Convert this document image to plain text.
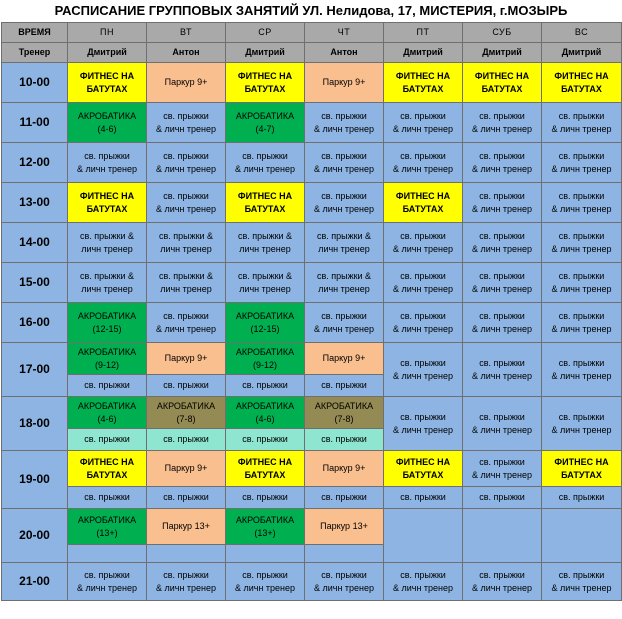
РАСПИСАНИЕ ГРУППОВЫХ ЗАНЯТИЙ УЛ. Нелидова, 17, МИСТЕРИЯ, г.МОЗЫРЬ
ВРЕМЯ	ПН	ВТ	СР	ЧТ	ПТ	СУБ	ВС
Тренер	Дмитрий	Антон	Дмитрий	Антон	Дмитрий	Дмитрий	Дмитрий
10-00	ФИТНЕС НА
БАТУТАХ	Паркур 9+	ФИТНЕС НА
БАТУТАХ	Паркур 9+	ФИТНЕС НА
БАТУТАХ	ФИТНЕС НА
БАТУТАХ	ФИТНЕС НА
БАТУТАХ

11-00	АКРОБАТИКА
(4-6)	св. прыжки
& личн тренер	АКРОБАТИКА
(4-7)	св. прыжки
& личн тренер	св. прыжки
& личн тренер	св. прыжки
& личн тренер	св. прыжки
& личн тренер

12-00	св. прыжки
& личн тренер	св. прыжки
& личн тренер	св. прыжки
& личн тренер	св. прыжки
& личн тренер	св. прыжки
& личн тренер	св. прыжки
& личн тренер	св. прыжки
& личн тренер

13-00	ФИТНЕС НА
БАТУТАХ	св. прыжки
& личн тренер	ФИТНЕС НА
БАТУТАХ	св. прыжки
& личн тренер	ФИТНЕС НА
БАТУТАХ	св. прыжки
& личн тренер	св. прыжки
& личн тренер

14-00	св. прыжки &
личн тренер	св. прыжки &
личн тренер	св. прыжки &
личн тренер	св. прыжки &
личн тренер	св. прыжки
& личн тренер	св. прыжки
& личн тренер	св. прыжки
& личн тренер

15-00	св. прыжки &
личн тренер	св. прыжки &
личн тренер	св. прыжки &
личн тренер	св. прыжки &
личн тренер	св. прыжки
& личн тренер	св. прыжки
& личн тренер	св. прыжки
& личн тренер

16-00	АКРОБАТИКА
(12-15)	св. прыжки
& личн тренер	АКРОБАТИКА
(12-15)	св. прыжки
& личн тренер	св. прыжки
& личн тренер	св. прыжки
& личн тренер	св. прыжки
& личн тренер

17-00	АКРОБАТИКА
(9-12)	Паркур 9+	АКРОБАТИКА
(9-12)	Паркур 9+	св. прыжки
& личн тренер	св. прыжки
& личн тренер	св. прыжки
& личн тренер

	св. прыжки	св. прыжки	св. прыжки	св. прыжки			

18-00	АКРОБАТИКА
(4-6)	АКРОБАТИКА
(7-8)	АКРОБАТИКА
(4-6)	АКРОБАТИКА
(7-8)	св. прыжки
& личн тренер	св. прыжки
& личн тренер	св. прыжки
& личн тренер

	св. прыжки	св. прыжки	св. прыжки	св. прыжки			

19-00	ФИТНЕС НА
БАТУТАХ	Паркур 9+	ФИТНЕС НА
БАТУТАХ	Паркур 9+	ФИТНЕС НА
БАТУТАХ	св. прыжки
& личн тренер	ФИТНЕС НА
БАТУТАХ

	св. прыжки	св. прыжки	св. прыжки	св. прыжки	св. прыжки	св. прыжки	св. прыжки

20-00	АКРОБАТИКА
(13+)	Паркур 13+	АКРОБАТИКА
(13+)	Паркур 13+			

21-00	св. прыжки
& личн тренер	св. прыжки
& личн тренер	св. прыжки
& личн тренер	св. прыжки
& личн тренер	св. прыжки
& личн тренер	св. прыжки
& личн тренер	св. прыжки
& личн тренер
